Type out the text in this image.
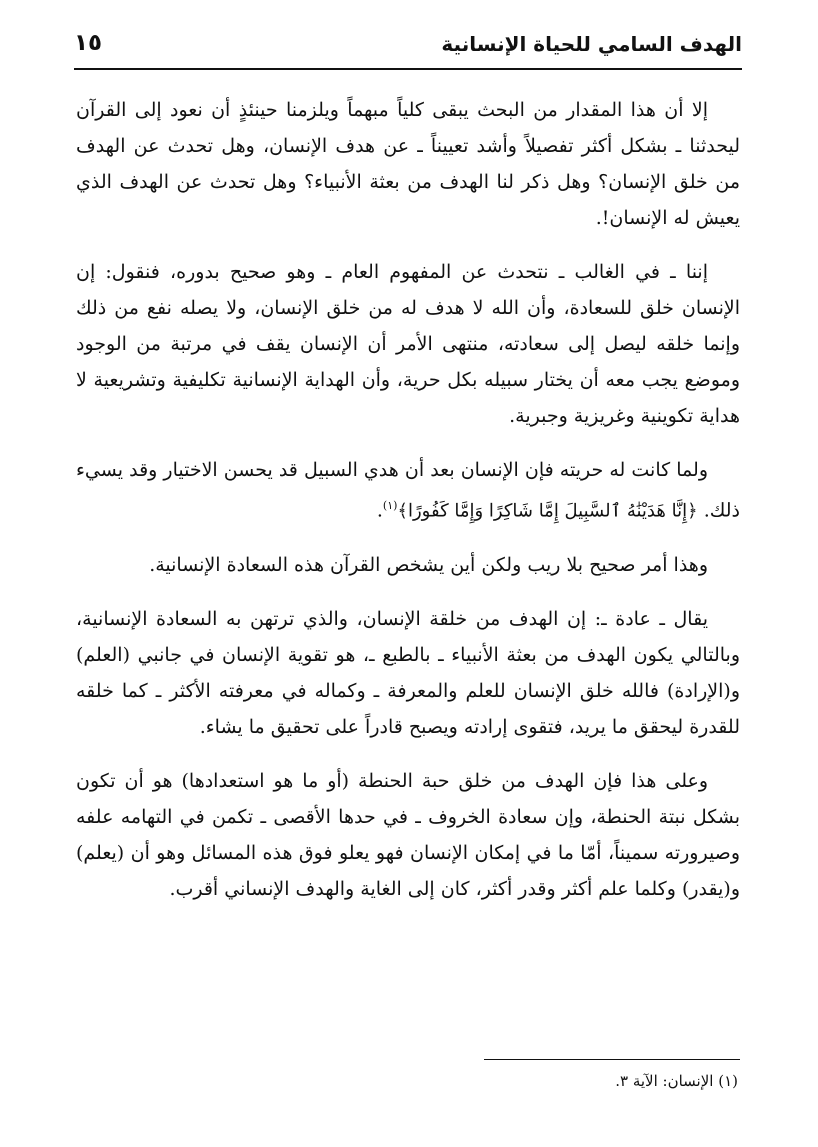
الهدف السامي للحياة الإنسانية
١٥

إلا أن هذا المقدار من البحث يبقى كلياً مبهماً ويلزمنا حينئذٍ أن نعود إلى القرآن ليحدثنا ـ بشكل أكثر تفصيلاً وأشد تعييناً ـ عن هدف الإنسان، وهل تحدث عن الهدف من خلق الإنسان؟ وهل ذكر لنا الهدف من بعثة الأنبياء؟ وهل تحدث عن الهدف الذي يعيش له الإنسان!.

إننا ـ في الغالب ـ نتحدث عن المفهوم العام ـ وهو صحيح بدوره، فنقول: إن الإنسان خلق للسعادة، وأن الله لا هدف له من خلق الإنسان، ولا يصله نفع من ذلك وإنما خلقه ليصل إلى سعادته، منتهى الأمر أن الإنسان يقف في مرتبة من الوجود وموضع يجب معه أن يختار سبيله بكل حرية، وأن الهداية الإنسانية تكليفية وتشريعية لا هداية تكوينية وغريزية وجبرية.

ولما كانت له حريته فإن الإنسان بعد أن هدي السبيل قد يحسن الاختيار وقد يسيء ذلك. ﴿إِنَّا هَدَيْنَٰهُ ٱلسَّبِيلَ إِمَّا شَاكِرًا وَإِمَّا كَفُورًا﴾$^{(١)}$.

وهذا أمر صحيح بلا ريب ولكن أين يشخص القرآن هذه السعادة الإنسانية.

يقال ـ عادة ـ: إن الهدف من خلقة الإنسان، والذي ترتهن به السعادة الإنسانية، وبالتالي يكون الهدف من بعثة الأنبياء ـ بالطبع ـ، هو تقوية الإنسان في جانبي (العلم) و(الإرادة) فالله خلق الإنسان للعلم والمعرفة ـ وكماله في معرفته الأكثر ـ كما خلقه للقدرة ليحقق ما يريد، فتقوى إرادته ويصبح قادراً على تحقيق ما يشاء.

وعلى هذا فإن الهدف من خلق حبة الحنطة (أو ما هو استعدادها) هو أن تكون بشكل نبتة الحنطة، وإن سعادة الخروف ـ في حدها الأقصى ـ تكمن في التهامه علفه وصيرورته سميناً، أمّا ما في إمكان الإنسان فهو يعلو فوق هذه المسائل وهو أن (يعلم) و(يقدر) وكلما علم أكثر وقدر أكثر، كان إلى الغاية والهدف الإنساني أقرب.

(١) الإنسان: الآية ٣.
